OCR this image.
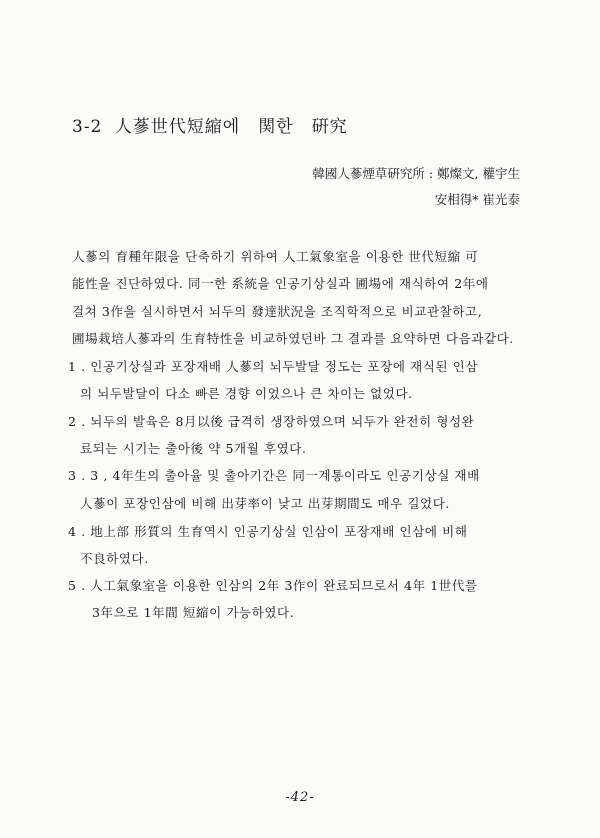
3-2 人蔘世代短縮에 関한 硏究
韓國人蔘煙草硏究所 : 鄭燦文, 權宇生
安相得* 崔光泰
人蔘의 育種年限을 단축하기 위하여 人工氣象室을 이용한 世代短縮 可
能性을 진단하였다. 同一한 系統을 인공기상실과 圃場에 재식하여 2年에
걸쳐 3作을 실시하면서 뇌두의 發達狀況을 조직학적으로 비교관찰하고,
圃場栽培人蔘과의 生育特性을 비교하였던바 그 결과를 요약하면 다음과같다.
1 . 인공기상실과 포장재배 人蔘의 뇌두발달 정도는 포장에 재식된 인삼
의 뇌두발달이 다소 빠른 경향 이었으나 큰 차이는 없었다.
2 . 뇌두의 발육은 8月以後 급격히 생장하였으며 뇌두가 완전히 형성완
료되는 시기는 출아後 약 5개월 후였다.
3 . 3 , 4年生의 출아율 및 출아기간은 同一계통이라도 인공기상실 재배
人蔘이 포장인삼에 비해 出芽率이 낮고 出芽期間도 매우 길었다.
4 . 地上部 形質의 生育역시 인공기상실 인삼이 포장재배 인삼에 비해
不良하였다.
5 . 人工氣象室을 이용한 인삼의 2年 3作이 완료되므로서 4年 1世代를
3年으로 1年間 短縮이 가능하였다.
-42-
